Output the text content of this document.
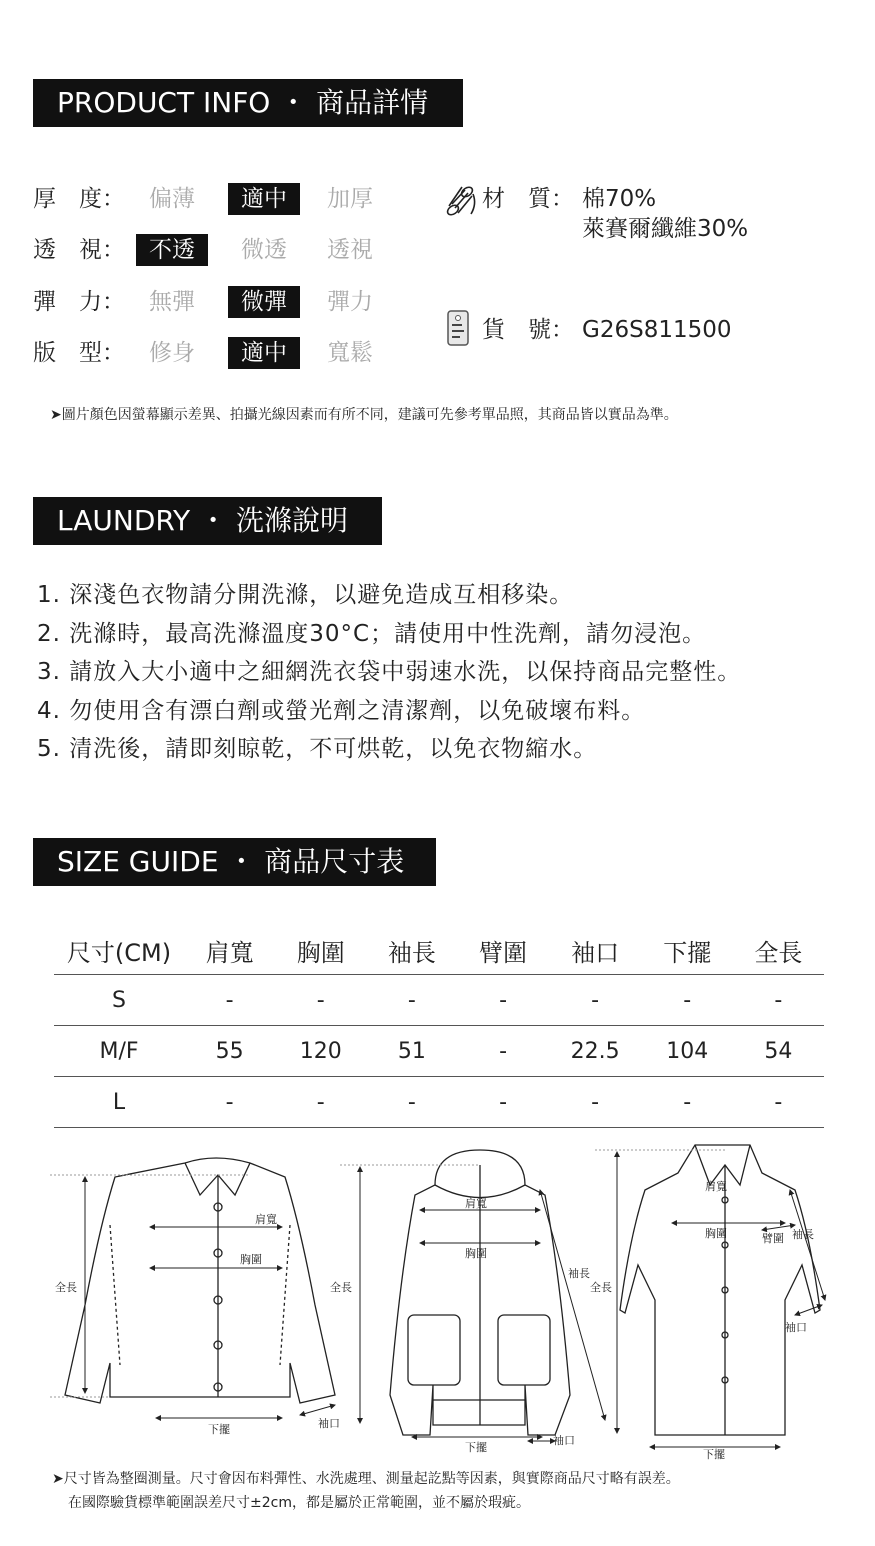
PRODUCT INFO ・ 商品詳情
厚　度：	偏薄	適中	加厚
透　視：	不透	微透	透視
彈　力：	無彈	微彈	彈力
版　型：	修身	適中	寬鬆
材　質： 棉70%
萊賽爾纖維30%
貨　號： G26S811500
➤圖片顏色因螢幕顯示差異、拍攝光線因素而有所不同，建議可先參考單品照，其商品皆以實品為準。
LAUNDRY ・ 洗滌說明
1. 深淺色衣物請分開洗滌，以避免造成互相移染。
2. 洗滌時，最高洗滌溫度30°C；請使用中性洗劑，請勿浸泡。
3. 請放入大小適中之細網洗衣袋中弱速水洗，以保持商品完整性。
4. 勿使用含有漂白劑或螢光劑之清潔劑，以免破壞布料。
5. 清洗後，請即刻晾乾，不可烘乾，以免衣物縮水。
SIZE GUIDE ・ 商品尺寸表
尺寸(CM)	肩寬	胸圍	袖長	臂圍	袖口	下擺	全長
S	-	-	-	-	-	-	-
M/F	55	120	51	-	22.5	104	54
L	-	-	-	-	-	-	-
全長
肩寬
胸圍
下擺	袖口
全長
肩寬
胸圍
袖長
下擺
袖口
全長
肩寬
胸圍	臂圍 袖長
袖口
下擺
➤尺寸皆為整圈測量。尺寸會因布料彈性、水洗處理、測量起訖點等因素，與實際商品尺寸略有誤差。
在國際驗貨標準範圍誤差尺寸±2cm，都是屬於正常範圍，並不屬於瑕疵。
